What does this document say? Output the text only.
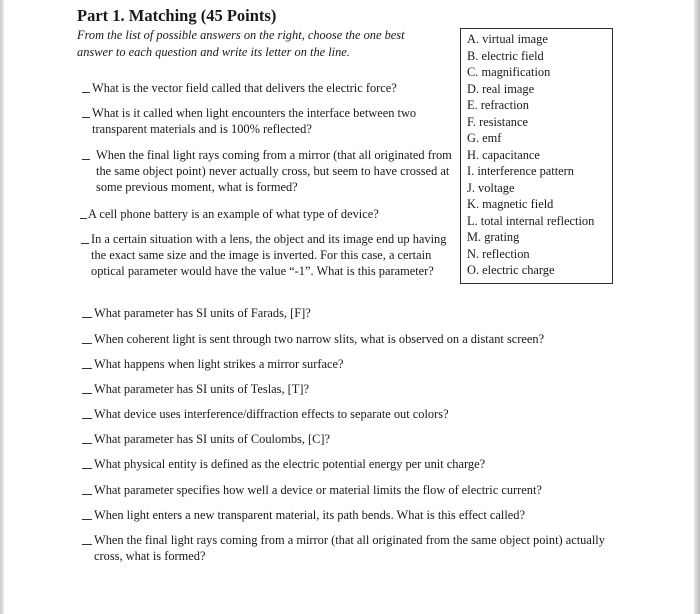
Part 1. Matching (45 Points)
From the list of possible answers on the right, choose the one best answer to each question and write its letter on the line.
A. virtual image
B. electric field
C. magnification
D. real image
E. refraction
F. resistance
G. emf
H. capacitance
I. interference pattern
J. voltage
K. magnetic field
L. total internal reflection
M. grating
N. reflection
O. electric charge
What is the vector field called that delivers the electric force?
What is it called when light encounters the interface between two transparent materials and is 100% reflected?
When the final light rays coming from a mirror (that all originated from the same object point) never actually cross, but seem to have crossed at some previous moment, what is formed?
A cell phone battery is an example of what type of device?
In a certain situation with a lens, the object and its image end up having the exact same size and the image is inverted. For this case, a certain optical parameter would have the value “-1”. What is this parameter?
What parameter has SI units of Farads, [F]?
When coherent light is sent through two narrow slits, what is observed on a distant screen?
What happens when light strikes a mirror surface?
What parameter has SI units of Teslas, [T]?
What device uses interference/diffraction effects to separate out colors?
What parameter has SI units of Coulombs, [C]?
What physical entity is defined as the electric potential energy per unit charge?
What parameter specifies how well a device or material limits the flow of electric current?
When light enters a new transparent material, its path bends. What is this effect called?
When the final light rays coming from a mirror (that all originated from the same object point) actually cross, what is formed?
